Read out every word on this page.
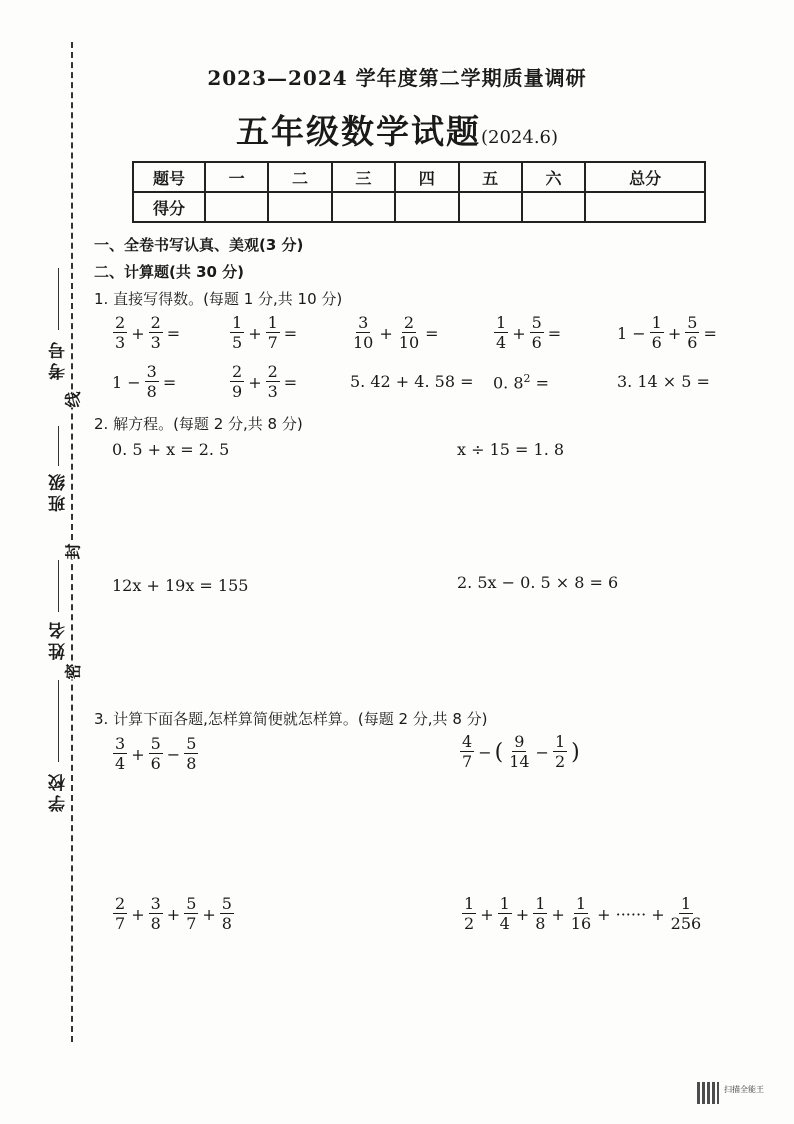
考号
班级
姓名
学校
线
封
密
2023—2024 学年度第二学期质量调研
五年级数学试题(2024.6)
题号	一	二	三	四	五	六	总分
得分							
一、全卷书写认真、美观(3 分)
二、计算题(共 30 分)
1. 直接写得数。(每题 1 分,共 10 分)
$\frac{2}{3} + \frac{2}{3}$ =	$\frac{1}{5} + \frac{1}{7}$ =	$\frac{3}{10} + \frac{2}{10}$ =	$\frac{1}{4} + \frac{5}{6}$ =	$1 - \frac{1}{6} + \frac{5}{6}$ =
$1 - \frac{3}{8}$ =	$\frac{2}{9} + \frac{2}{3}$ =	5. 42 + 4. 58 = 0. $8^2$ =	3. 14 × 5 =
2. 解方程。(每题 2 分,共 8 分)
0. 5 + x = 2. 5	x ÷ 15 = 1. 8
12x + 19x = 155	2. 5x − 0. 5 × 8 = 6
3. 计算下面各题,怎样算简便就怎样算。(每题 2 分,共 8 分)
$\frac{3}{4} + \frac{5}{6} - \frac{5}{8}$	$\frac{4}{7}$ − ( $\frac{9}{14} - \frac{1}{2}$ )
$\frac{2}{7} + \frac{3}{8} + \frac{5}{7} + \frac{5}{8}$	$\frac{1}{2} + \frac{1}{4} + \frac{1}{8} + \frac{1}{16}$ + ······ + $\frac{1}{256}$
扫描全能王
